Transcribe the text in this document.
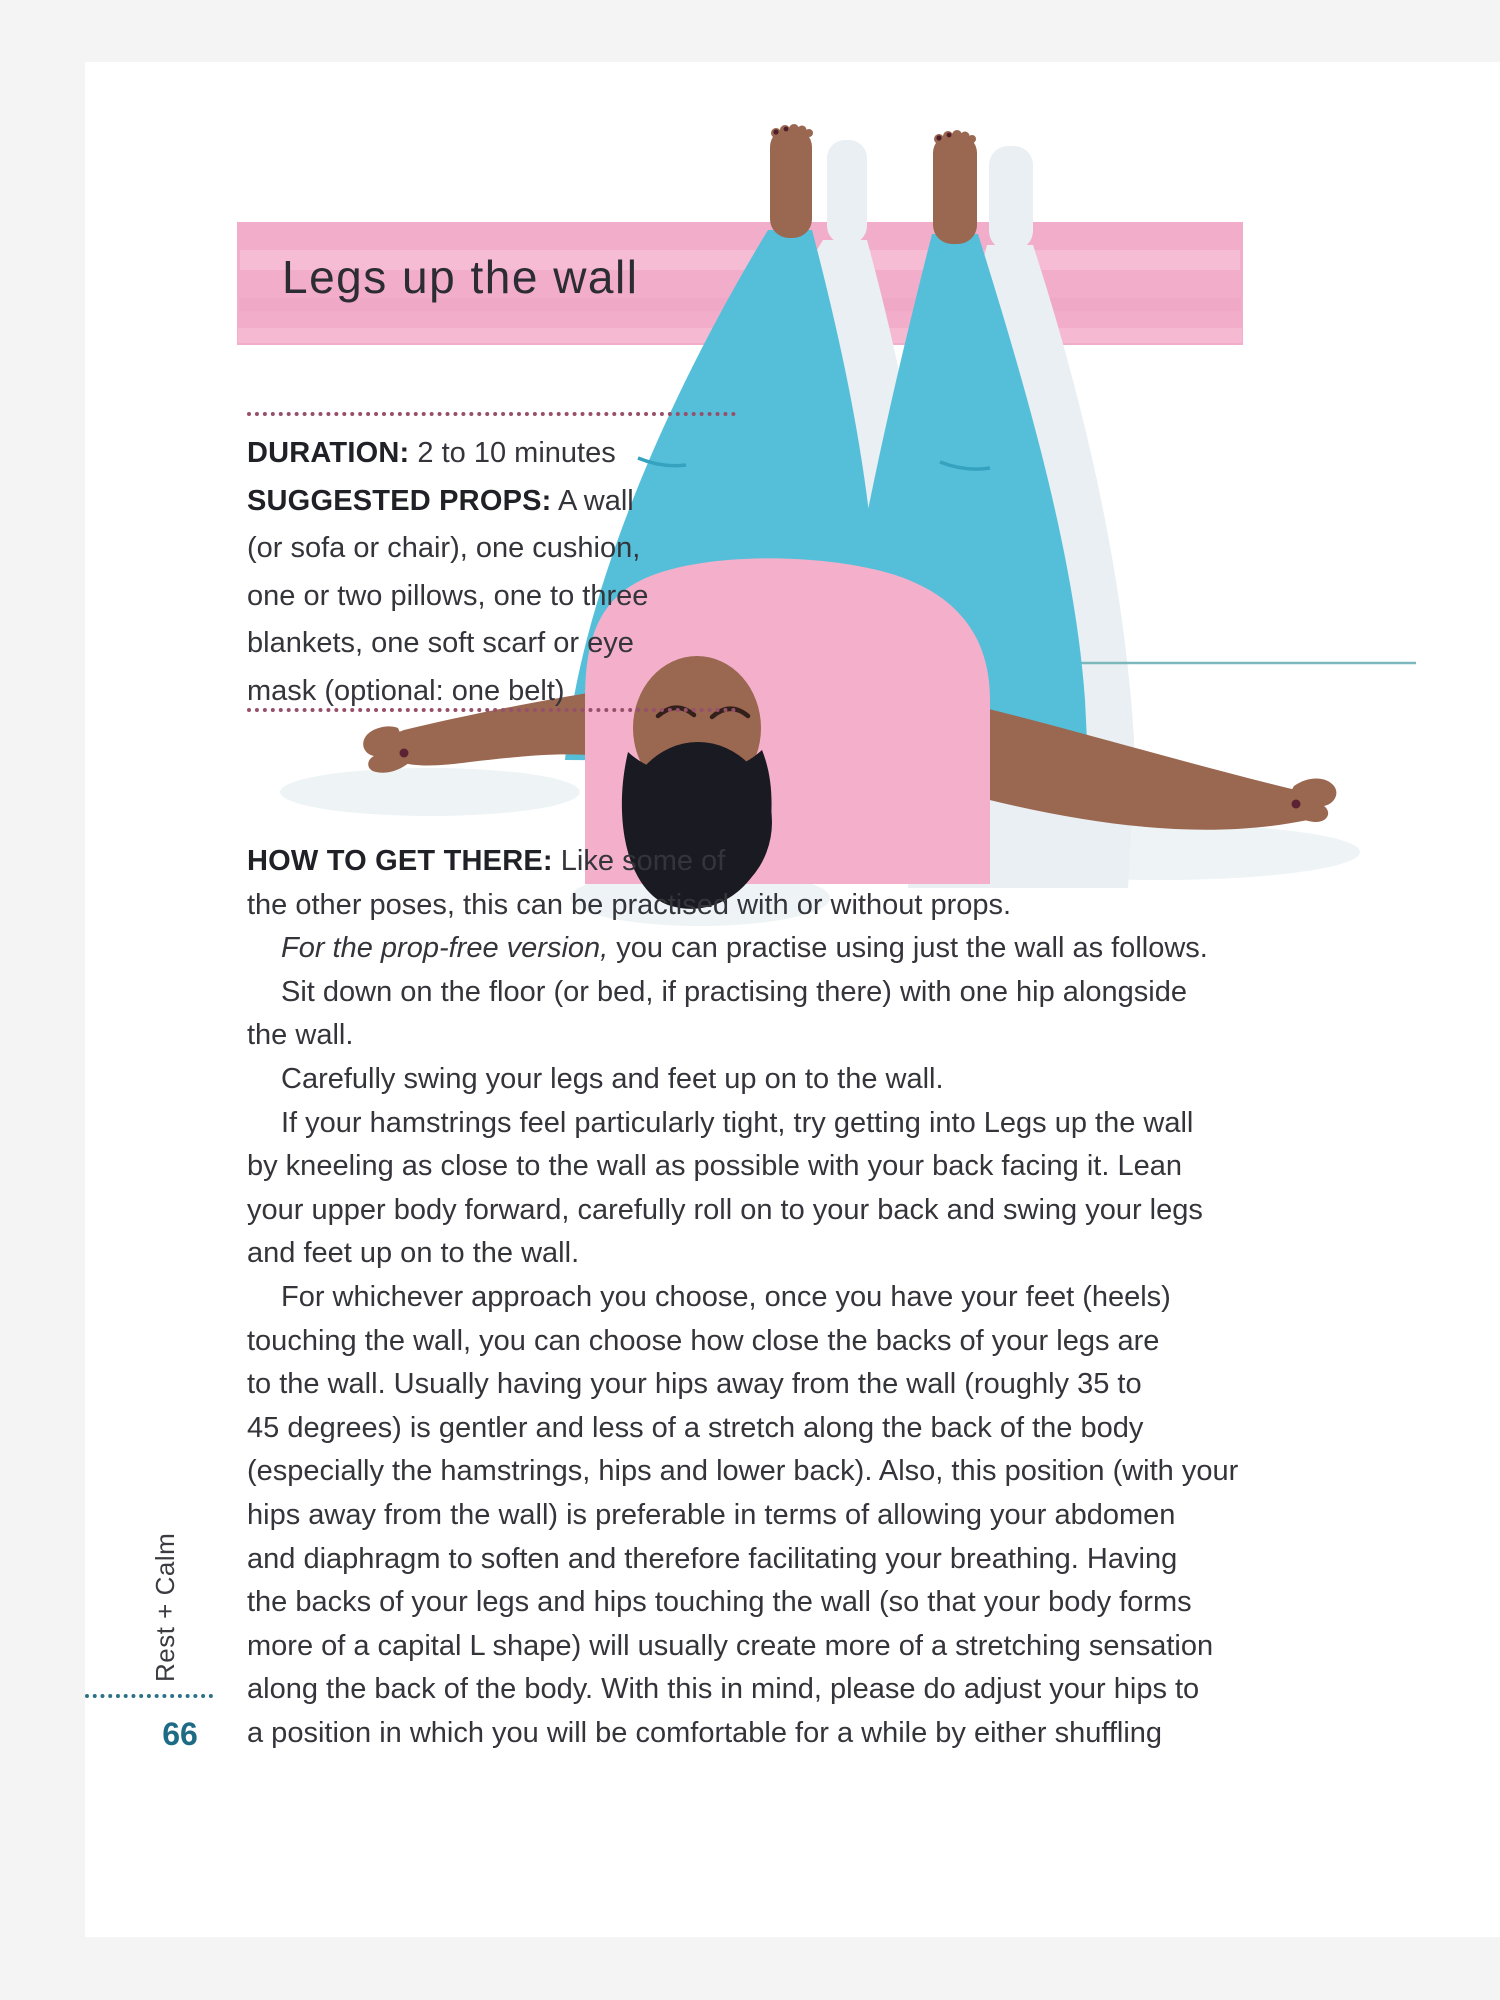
Legs up the wall
DURATION: 2 to 10 minutes
SUGGESTED PROPS: A wall
(or sofa or chair), one cushion,
one or two pillows, one to three
blankets, one soft scarf or eye
mask (optional: one belt)
HOW TO GET THERE: Like some of
the other poses, this can be practised with or without props.
For the prop-free version, you can practise using just the wall as follows.
Sit down on the floor (or bed, if practising there) with one hip alongside
the wall.
Carefully swing your legs and feet up on to the wall.
If your hamstrings feel particularly tight, try getting into Legs up the wall
by kneeling as close to the wall as possible with your back facing it. Lean
your upper body forward, carefully roll on to your back and swing your legs
and feet up on to the wall.
For whichever approach you choose, once you have your feet (heels)
touching the wall, you can choose how close the backs of your legs are
to the wall. Usually having your hips away from the wall (roughly 35 to
45 degrees) is gentler and less of a stretch along the back of the body
(especially the hamstrings, hips and lower back). Also, this position (with your
hips away from the wall) is preferable in terms of allowing your abdomen
and diaphragm to soften and therefore facilitating your breathing. Having
the backs of your legs and hips touching the wall (so that your body forms
more of a capital L shape) will usually create more of a stretching sensation
along the back of the body. With this in mind, please do adjust your hips to
a position in which you will be comfortable for a while by either shuffling
Rest + Calm
66
